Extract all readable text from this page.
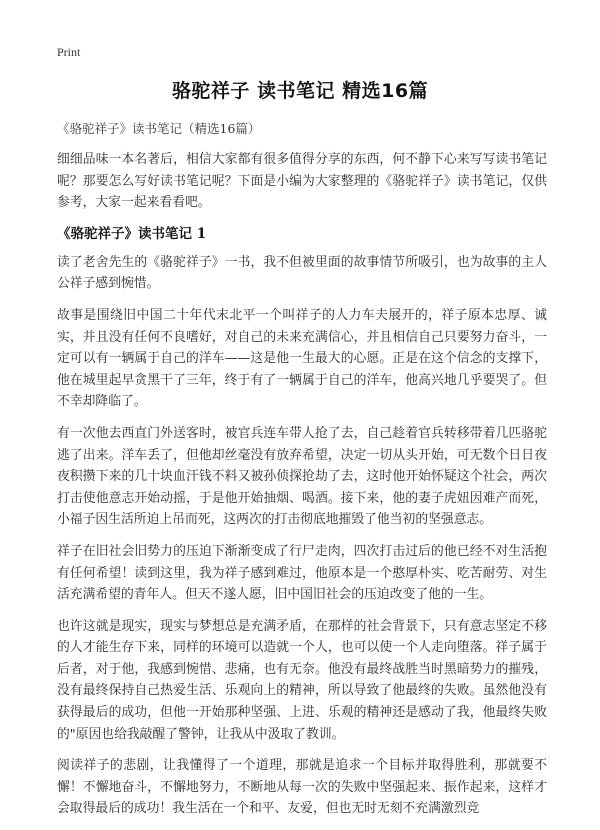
Print
骆驼祥子 读书笔记 精选16篇
《骆驼祥子》读书笔记（精选16篇）

细细品味一本名著后，相信大家都有很多值得分享的东西，何不静下心来写写读书笔记呢？那要怎么写好读书笔记呢？下面是小编为大家整理的《骆驼祥子》读书笔记，仅供参考，大家一起来看看吧。

《骆驼祥子》读书笔记 1

读了老舍先生的《骆驼祥子》一书，我不但被里面的故事情节所吸引，也为故事的主人公祥子感到惋惜。

故事是围绕旧中国二十年代末北平一个叫祥子的人力车夫展开的，祥子原本忠厚、诚实，并且没有任何不良嗜好，对自己的未来充满信心，并且相信自己只要努力奋斗，一定可以有一辆属于自己的洋车——这是他一生最大的心愿。正是在这个信念的支撑下，他在城里起早贪黑干了三年，终于有了一辆属于自己的洋车，他高兴地几乎要哭了。但不幸却降临了。

有一次他去西直门外送客时，被官兵连车带人抢了去，自己趁着官兵转移带着几匹骆驼逃了出来。洋车丢了，但他却丝毫没有放弃希望，决定一切从头开始，可无数个日日夜夜积攒下来的几十块血汗钱不料又被孙侦探抢劫了去，这时他开始怀疑这个社会，两次打击使他意志开始动摇，于是他开始抽烟、喝酒。接下来，他的妻子虎妞因难产而死，小福子因生活所迫上吊而死，这两次的打击彻底地摧毁了他当初的坚强意志。

祥子在旧社会旧势力的压迫下渐渐变成了行尸走肉，四次打击过后的他已经不对生活抱有任何希望！读到这里，我为祥子感到难过，他原本是一个憨厚朴实、吃苦耐劳、对生活充满希望的青年人。但天不遂人愿，旧中国旧社会的压迫改变了他的一生。

也许这就是现实，现实与梦想总是充满矛盾，在那样的社会背景下，只有意志坚定不移的人才能生存下来，同样的环境可以造就一个人，也可以使一个人走向堕落。祥子属于后者，对于他，我感到惋惜、悲痛，也有无奈。他没有最终战胜当时黑暗势力的摧残，没有最终保持自己热爱生活、乐观向上的精神，所以导致了他最终的失败。虽然他没有获得最后的成功，但他一开始那种坚强、上进、乐观的精神还是感动了我，他最终失败的"原因也给我敲醒了警钟，让我从中汲取了教训。

阅读祥子的悲剧，让我懂得了一个道理，那就是追求一个目标并取得胜利，那就要不懈！不懈地奋斗，不懈地努力，不断地从每一次的失败中坚强起来、振作起来，这样才会取得最后的成功！我生活在一个和平、友爱，但也无时无刻不充满激烈竞
